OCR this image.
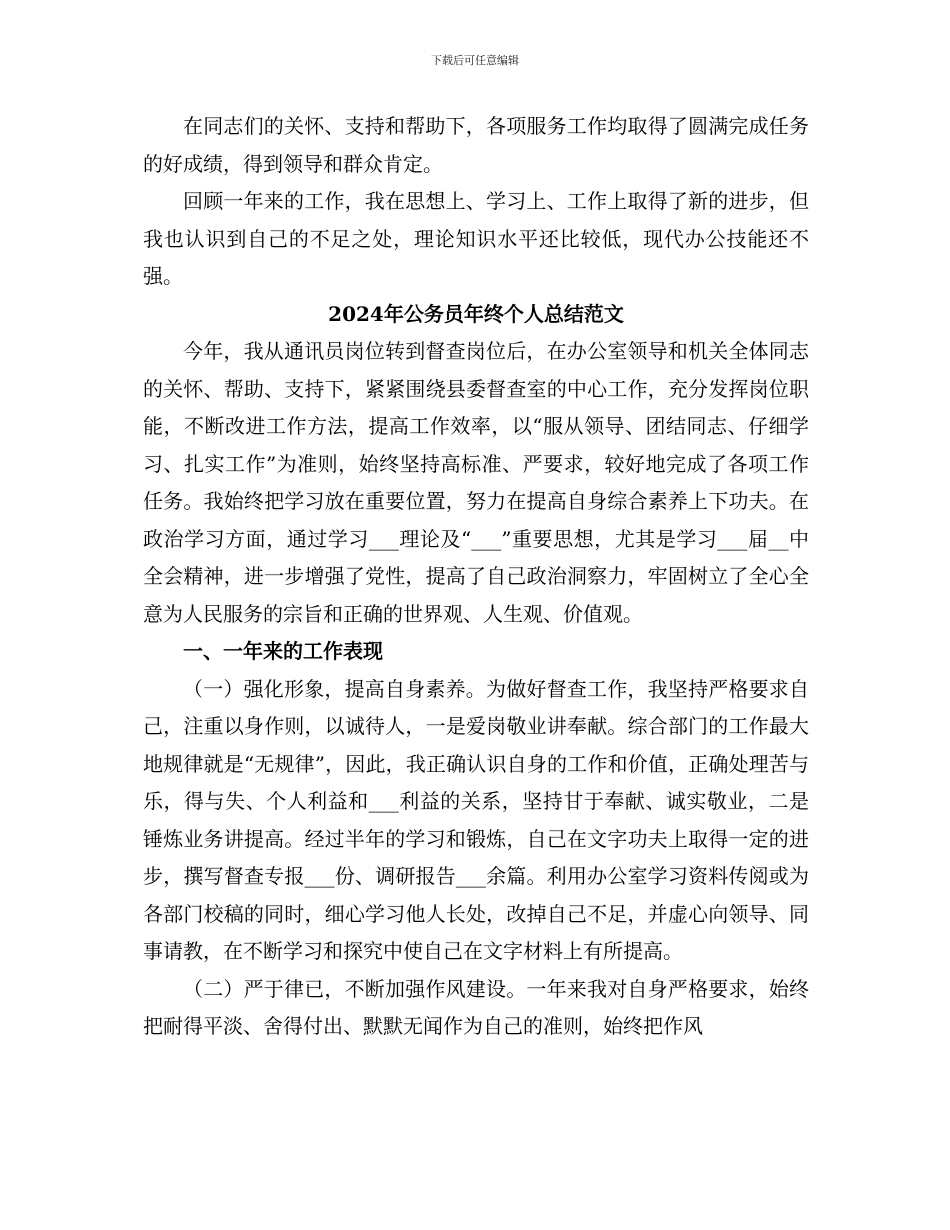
下载后可任意编辑

在同志们的关怀、支持和帮助下，各项服务工作均取得了圆满完成任务的好成绩，得到领导和群众肯定。

回顾一年来的工作，我在思想上、学习上、工作上取得了新的进步，但我也认识到自己的不足之处，理论知识水平还比较低，现代办公技能还不强。

2024年公务员年终个人总结范文

今年，我从通讯员岗位转到督查岗位后，在办公室领导和机关全体同志的关怀、帮助、支持下，紧紧围绕县委督查室的中心工作，充分发挥岗位职能，不断改进工作方法，提高工作效率，以“服从领导、团结同志、仔细学习、扎实工作”为准则，始终坚持高标准、严要求，较好地完成了各项工作任务。我始终把学习放在重要位置，努力在提高自身综合素养上下功夫。在政治学习方面，通过学习___理论及“___”重要思想，尤其是学习___届__中全会精神，进一步增强了党性，提高了自己政治洞察力，牢固树立了全心全意为人民服务的宗旨和正确的世界观、人生观、价值观。

一、一年来的工作表现

（一）强化形象，提高自身素养。为做好督查工作，我坚持严格要求自己，注重以身作则，以诚待人，一是爱岗敬业讲奉献。综合部门的工作最大地规律就是“无规律”，因此，我正确认识自身的工作和价值，正确处理苦与乐，得与失、个人利益和___利益的关系，坚持甘于奉献、诚实敬业，二是锤炼业务讲提高。经过半年的学习和锻炼，自己在文字功夫上取得一定的进步，撰写督查专报___份、调研报告___余篇。利用办公室学习资料传阅或为各部门校稿的同时，细心学习他人长处，改掉自己不足，并虚心向领导、同事请教，在不断学习和探究中使自己在文字材料上有所提高。

（二）严于律已，不断加强作风建设。一年来我对自身严格要求，始终把耐得平淡、舍得付出、默默无闻作为自己的准则，始终把作风
